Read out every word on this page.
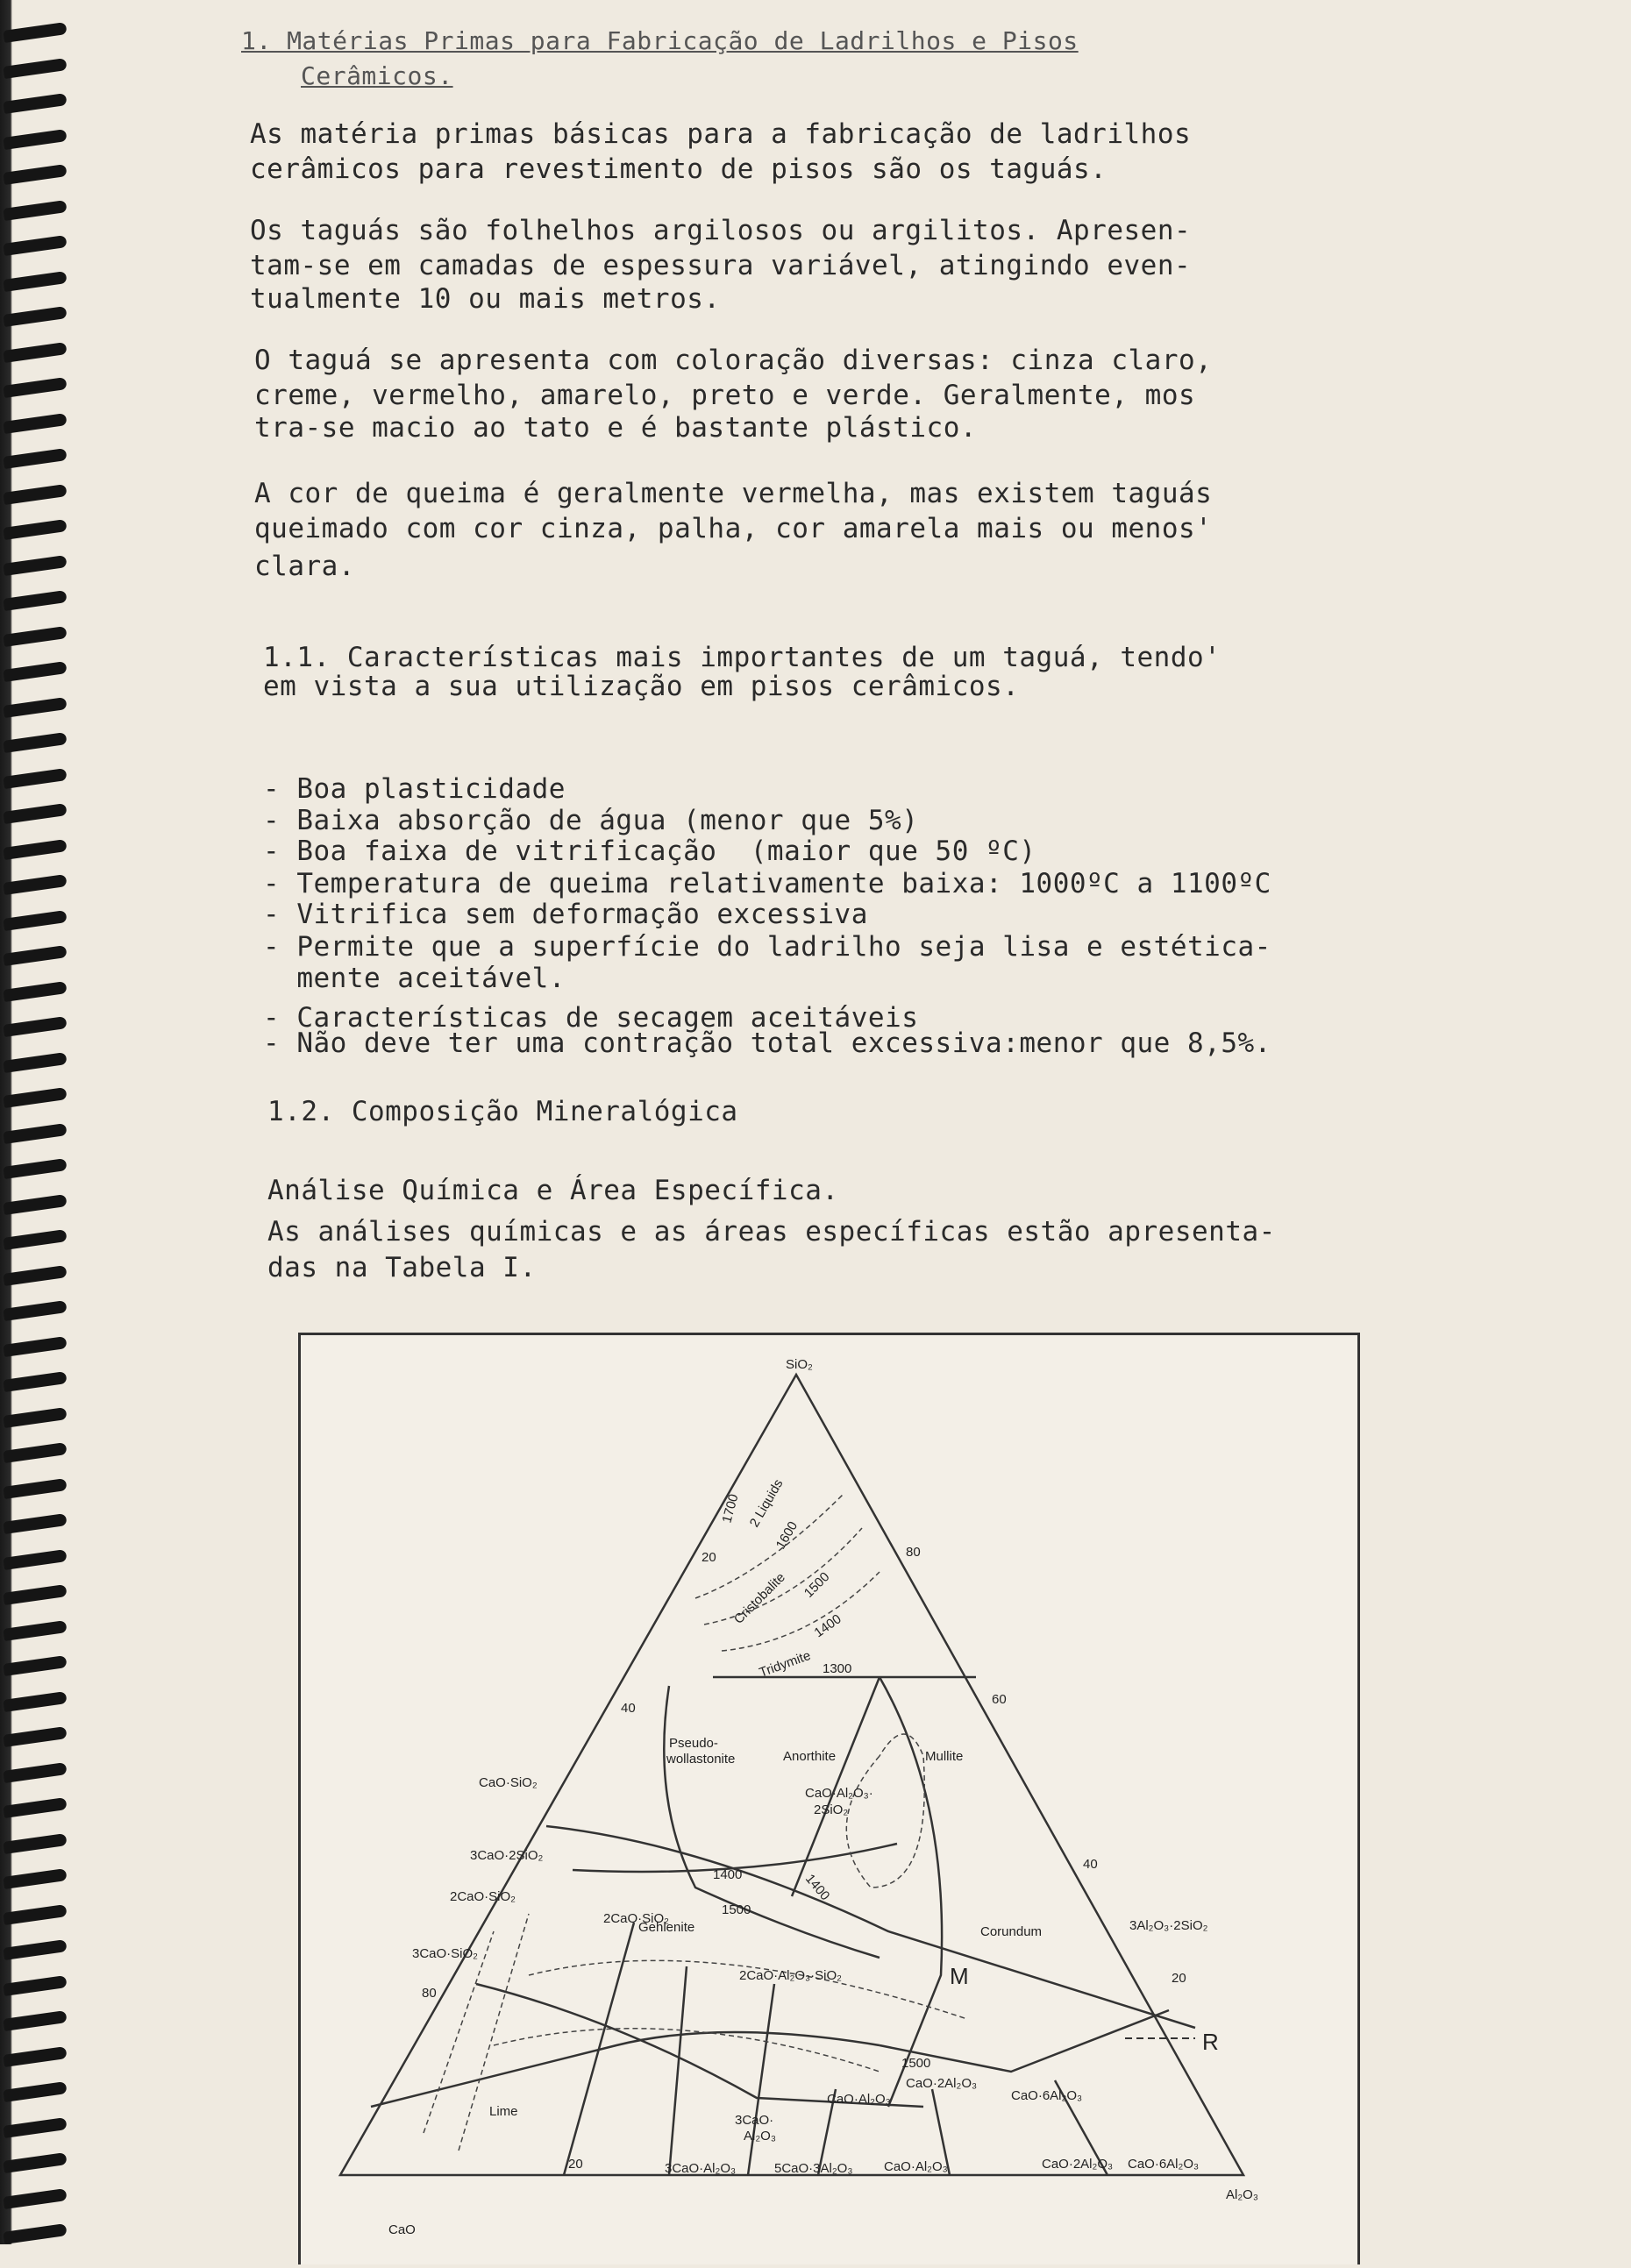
1. Matérias Primas para Fabricação de Ladrilhos e Pisos
Cerâmicos.
As matéria primas básicas para a fabricação de ladrilhos
cerâmicos para revestimento de pisos são os taguás.
Os taguás são folhelhos argilosos ou argilitos. Apresen-
tam-se em camadas de espessura variável, atingindo even-
tualmente 10 ou mais metros.
O taguá se apresenta com coloração diversas: cinza claro,
creme, vermelho, amarelo, preto e verde. Geralmente, mos
tra-se macio ao tato e é bastante plástico.
A cor de queima é geralmente vermelha, mas existem taguás
queimado com cor cinza, palha, cor amarela mais ou menos'
clara.
1.1. Características mais importantes de um taguá, tendo'
em vista a sua utilização em pisos cerâmicos.
- Boa plasticidade
- Baixa absorção de água (menor que 5%)
- Boa faixa de vitrificação  (maior que 50 ºC)
- Temperatura de queima relativamente baixa: 1000ºC a 1100ºC
- Vitrifica sem deformação excessiva
- Permite que a superfície do ladrilho seja lisa e estética-
mente aceitável.
- Características de secagem aceitáveis
- Não deve ter uma contração total excessiva:menor que 8,5%.
1.2. Composição Mineralógica
Análise Química e Área Específica.
As análises químicas e as áreas específicas estão apresenta-
das na Tabela I.
SiO₂
CaO
Al₂O₃
20
40
80
80
60
40
20
20
2 Liquids
Cristobalite
Tridymite
Pseudo-
wollastonite	Anorthite	Mullite
Gehlenite	Corundum
Lime
1700
1600
1500
1400
1300
1400
1500
1400
1500
CaO·SiO₂
3CaO·2SiO₂
2CaO·SiO₂
3CaO·SiO₂
CaO·Al₂O₃·
2SiO₂
2CaO·SiO₂
2CaO·Al₂O₃·SiO₂
3Al₂O₃·2SiO₂
CaO·2Al₂O₃
CaO·Al₂O₃	CaO·6Al₂O₃
3CaO·
Al₂O₃
3CaO·Al₂O₃	5CaO·3Al₂O₃ CaO·Al₂O₃	CaO·2Al₂O₃ CaO·6Al₂O₃
M
R
